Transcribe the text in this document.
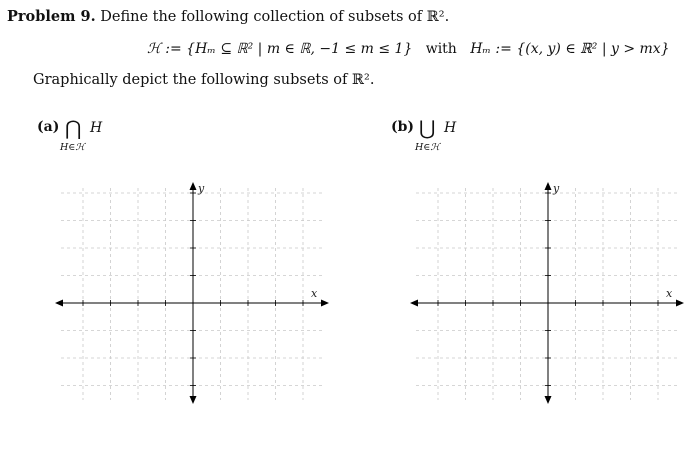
Problem 9. Define the following collection of subsets of ℝ².
ℋ := {Hₘ ⊆ ℝ² | m ∈ ℝ, −1 ≤ m ≤ 1} with Hₘ := {(x, y) ∈ ℝ² | y > mx}
Graphically depict the following subsets of ℝ².
(a) ⋂ H
H∈ℋ
(b) ⋃ H
H∈ℋ
x
y
x
y
